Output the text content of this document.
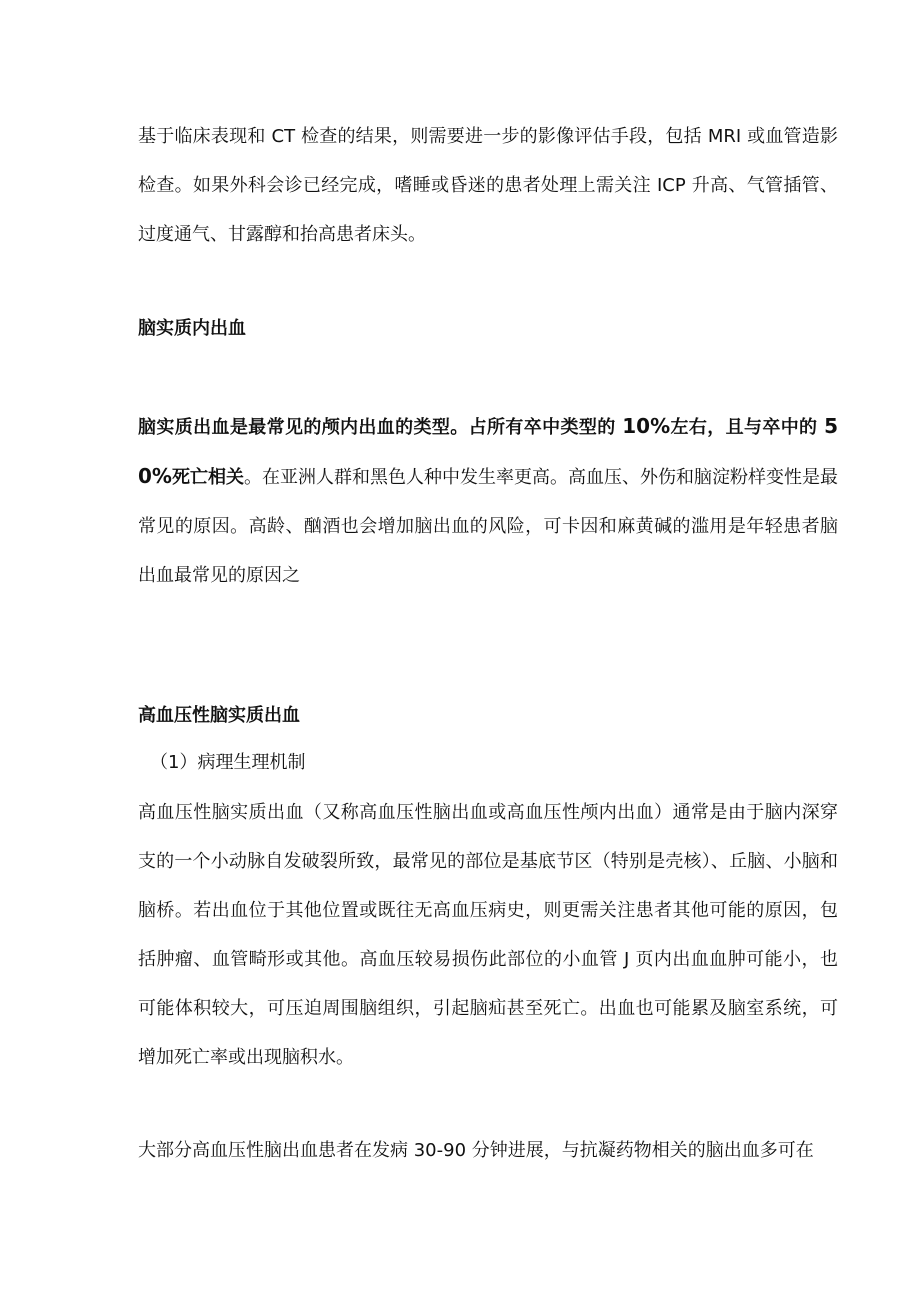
基于临床表现和 CT 检查的结果，则需要进一步的影像评估手段，包括 MRI 或血管造影检查。如果外科会诊已经完成，嗜睡或昏迷的患者处理上需关注 ICP 升高、气管插管、过度通气、甘露醇和抬高患者床头。

脑实质内出血

脑实质出血是最常见的颅内出血的类型。占所有卒中类型的 10%左右，且与卒中的 50%死亡相关。在亚洲人群和黑色人种中发生率更高。高血压、外伤和脑淀粉样变性是最常见的原因。高龄、酗酒也会增加脑出血的风险，可卡因和麻黄碱的滥用是年轻患者脑出血最常见的原因之

高血压性脑实质出血

（1）病理生理机制

高血压性脑实质出血（又称高血压性脑出血或高血压性颅内出血）通常是由于脑内深穿支的一个小动脉自发破裂所致，最常见的部位是基底节区（特别是壳核）、丘脑、小脑和脑桥。若出血位于其他位置或既往无高血压病史，则更需关注患者其他可能的原因，包括肿瘤、血管畸形或其他。高血压较易损伤此部位的小血管 J 页内出血血肿可能小，也可能体积较大，可压迫周围脑组织，引起脑疝甚至死亡。出血也可能累及脑室系统，可增加死亡率或出现脑积水。

大部分高血压性脑出血患者在发病 30-90 分钟进展，与抗凝药物相关的脑出血多可在
